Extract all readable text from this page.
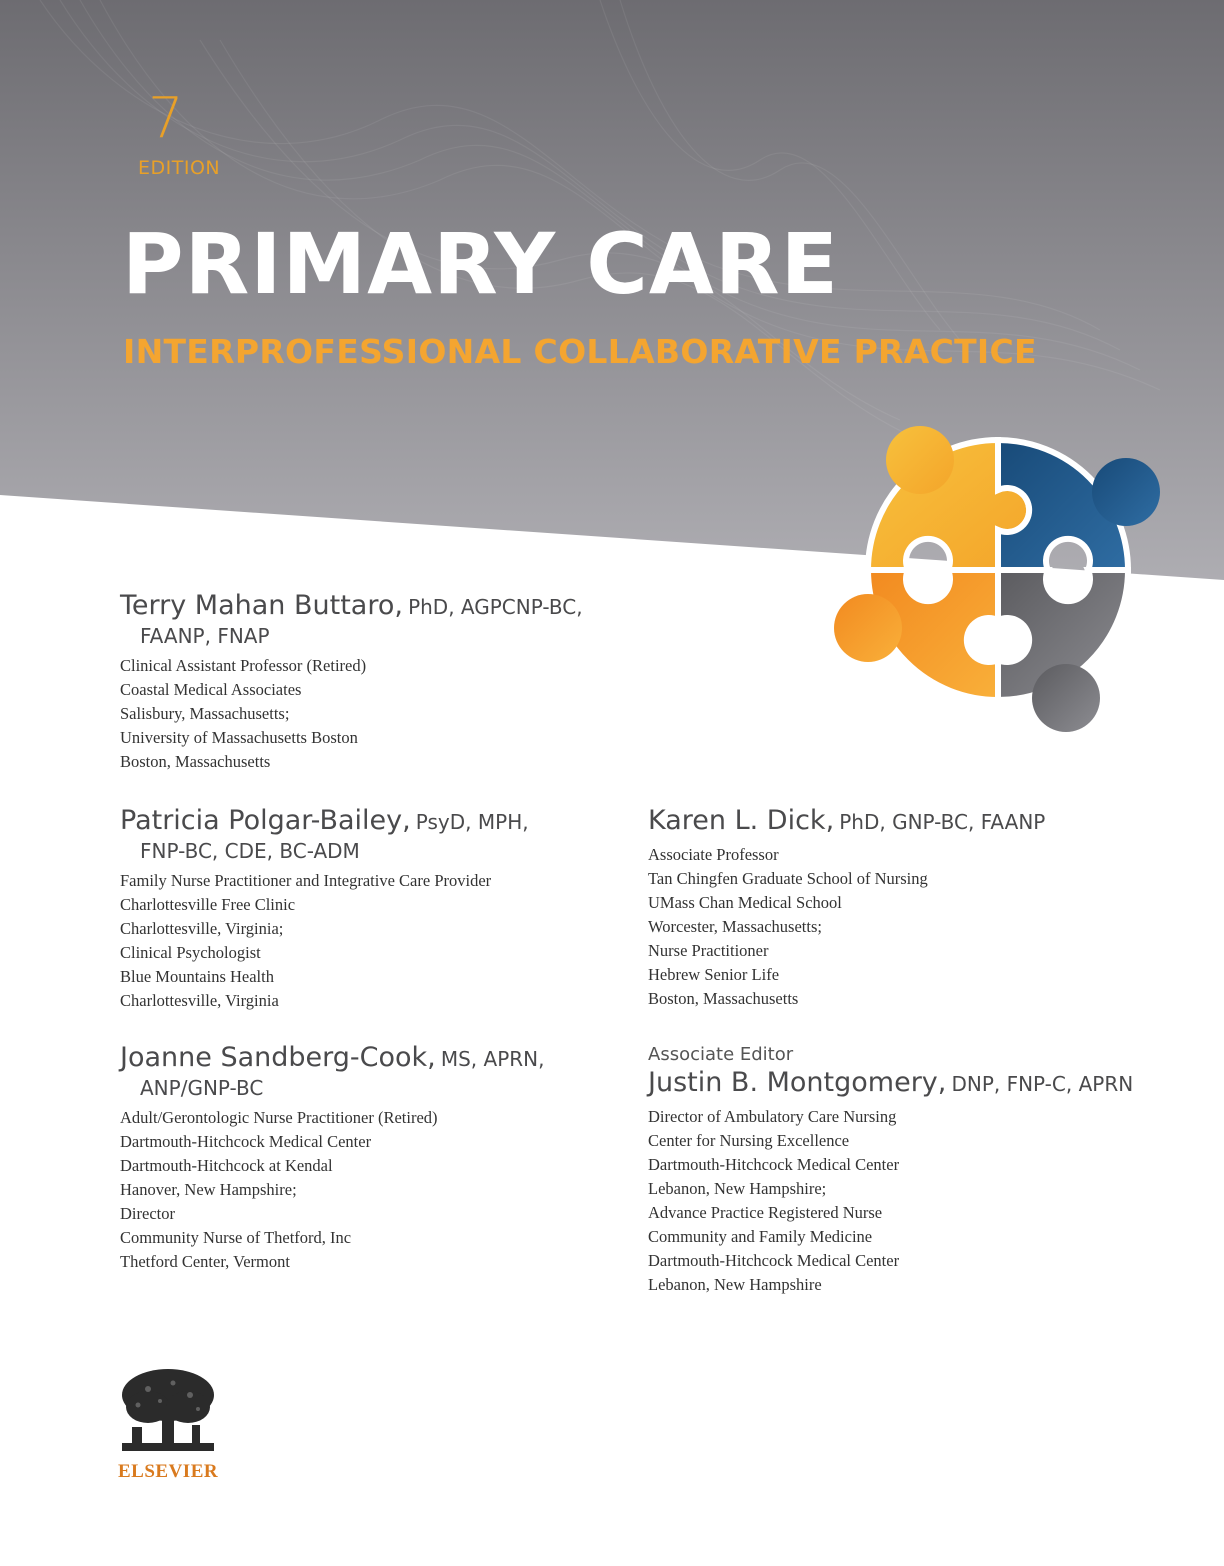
7
EDITION
PRIMARY CARE
INTERPROFESSIONAL COLLABORATIVE PRACTICE
Terry Mahan Buttaro, PhD, AGPCNP-BC,
FAANP, FNAP
Clinical Assistant Professor (Retired)
Coastal Medical Associates
Salisbury, Massachusetts;
University of Massachusetts Boston
Boston, Massachusetts
Patricia Polgar-Bailey, PsyD, MPH,
FNP-BC, CDE, BC-ADM
Family Nurse Practitioner and Integrative Care Provider
Charlottesville Free Clinic
Charlottesville, Virginia;
Clinical Psychologist
Blue Mountains Health
Charlottesville, Virginia
Karen L. Dick, PhD, GNP-BC, FAANP
Associate Professor
Tan Chingfen Graduate School of Nursing
UMass Chan Medical School
Worcester, Massachusetts;
Nurse Practitioner
Hebrew Senior Life
Boston, Massachusetts
Joanne Sandberg-Cook, MS, APRN,
ANP/GNP-BC
Adult/Gerontologic Nurse Practitioner (Retired)
Dartmouth-Hitchcock Medical Center
Dartmouth-Hitchcock at Kendal
Hanover, New Hampshire;
Director
Community Nurse of Thetford, Inc
Thetford Center, Vermont
Associate Editor
Justin B. Montgomery, DNP, FNP-C, APRN
Director of Ambulatory Care Nursing
Center for Nursing Excellence
Dartmouth-Hitchcock Medical Center
Lebanon, New Hampshire;
Advance Practice Registered Nurse
Community and Family Medicine
Dartmouth-Hitchcock Medical Center
Lebanon, New Hampshire
ELSEVIER
